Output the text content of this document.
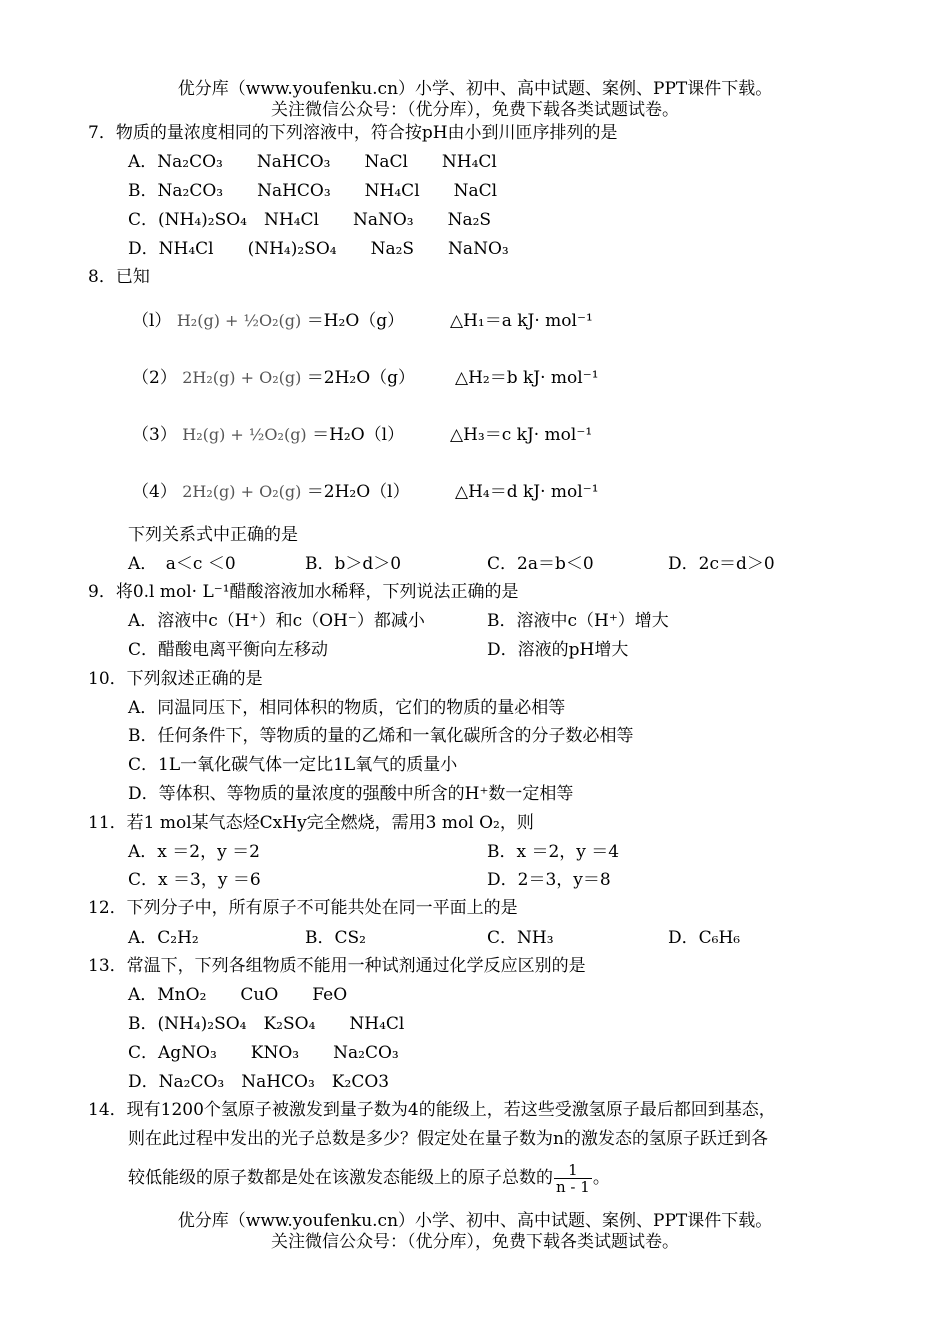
优分库（www.youfenku.cn）小学、初中、高中试题、案例、PPT课件下载。
关注微信公众号：（优分库），免费下载各类试题试卷。
7．物质的量浓度相同的下列溶液中，符合按pH由小到川匝序排列的是
A．Na₂CO₃　　NaHCO₃　　NaCl　　NH₄Cl
B．Na₂CO₃　　NaHCO₃　　NH₄Cl　　NaCl
C．(NH₄)₂SO₄　NH₄Cl　　NaNO₃　　Na₂S
D．NH₄Cl　　(NH₄)₂SO₄　　Na₂S　　NaNO₃
8．已知
（l） H₂(g) + ½O₂(g) ＝H₂O（g）	△H₁＝a kJ· mol⁻¹
（2） 2H₂(g) + O₂(g) ＝2H₂O（g） △H₂＝b kJ· mol⁻¹
（3） H₂(g) + ½O₂(g) ＝H₂O（l）	△H₃＝c kJ· mol⁻¹
（4） 2H₂(g) + O₂(g) ＝2H₂O（l）	△H₄＝d kJ· mol⁻¹
下列关系式中正确的是
A．　a＜c ＜0	B．b＞d＞0	C．2a＝b＜0	D．2c＝d＞0
9．将0.l mol· L⁻¹醋酸溶液加水稀释，下列说法正确的是
A．溶液中c（H⁺）和c（OH⁻）都减小	B．溶液中c（H⁺）增大
C．醋酸电离平衡向左移动	D．溶液的pH增大
10．下列叙述正确的是
A．同温同压下，相同体积的物质，它们的物质的量必相等
B．任何条件下，等物质的量的乙烯和一氧化碳所含的分子数必相等
C．1L一氧化碳气体一定比1L氧气的质量小
D．等体积、等物质的量浓度的强酸中所含的H⁺数一定相等
11．若1 mol某气态烃CxHy完全燃烧，需用3 mol O₂，则
A．x ＝2，y ＝2	B．x ＝2，y ＝4
C．x ＝3，y ＝6	D．2＝3，y＝8
12．下列分子中，所有原子不可能共处在同一平面上的是
A．C₂H₂	B．CS₂	C．NH₃	D．C₆H₆
13．常温下，下列各组物质不能用一种试剂通过化学反应区别的是
A．MnO₂　　CuO　　FeO
B．(NH₄)₂SO₄　K₂SO₄　　NH₄Cl
C．AgNO₃　　KNO₃　　Na₂CO₃
D．Na₂CO₃　NaHCO₃　K₂CO3
14．现有1200个氢原子被激发到量子数为4的能级上，若这些受激氢原子最后都回到基态，
则在此过程中发出的光子总数是多少？假定处在量子数为n的激发态的氢原子跃迁到各
较低能级的原子数都是处在该激发态能级上的原子总数的 $\frac{1}{n - 1}$ 。
优分库（www.youfenku.cn）小学、初中、高中试题、案例、PPT课件下载。
关注微信公众号：（优分库），免费下载各类试题试卷。
